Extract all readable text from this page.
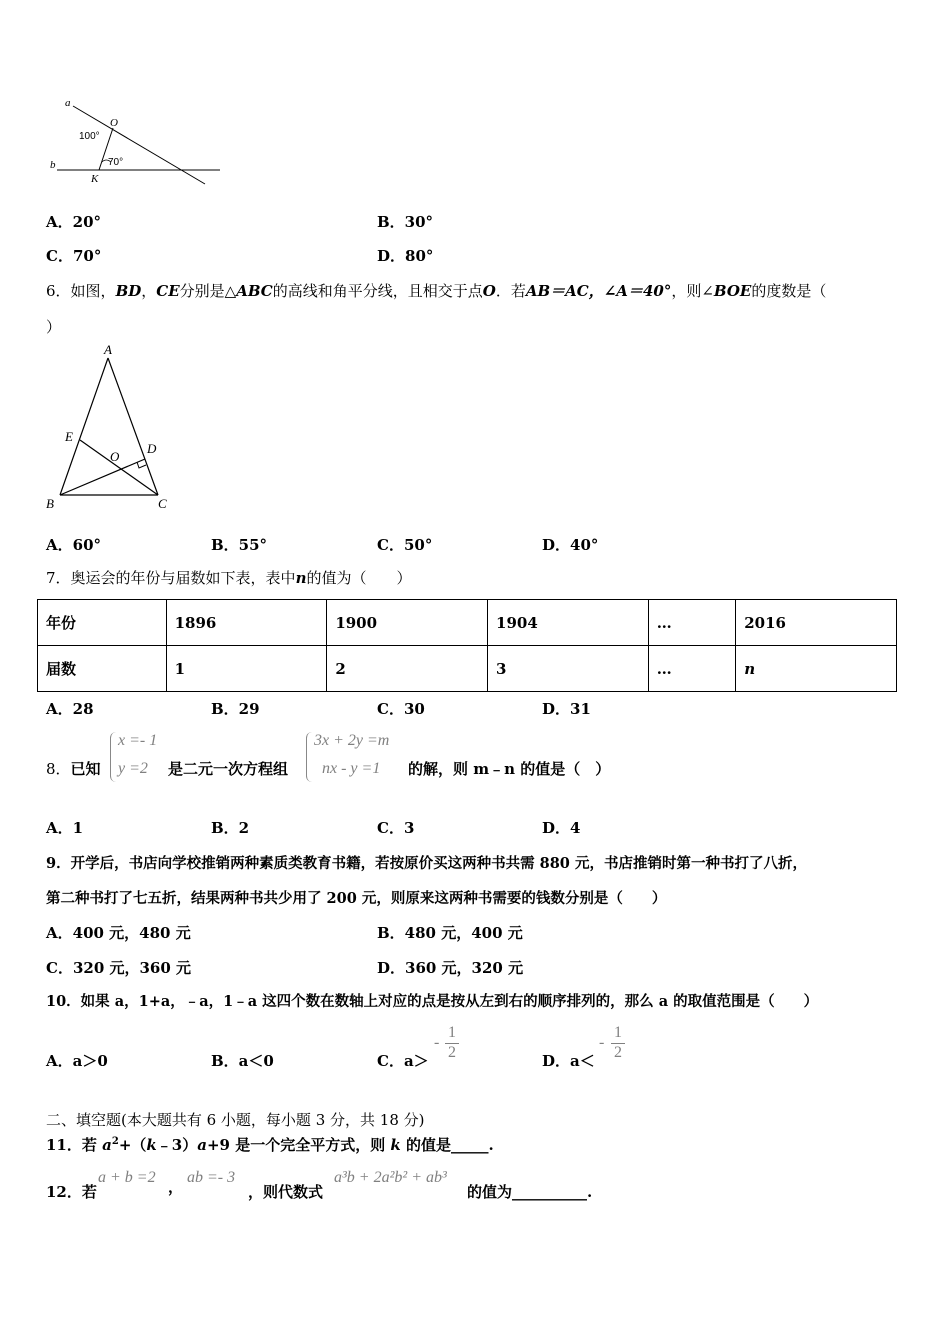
a
b
O
K
100°
70°
A．20°	B．30°
C．70°	D．80°
6．如图，BD，CE分别是△ABC的高线和角平分线，且相交于点O．若AB＝AC，∠A＝40°，则∠BOE的度数是（
）
A
B	C
D
E
O
A．60°	B．55°	C．50°	D．40°
7．奥运会的年份与届数如下表，表中n的值为（　　）
年份	1896	1900	1904	…	2016
届数	1	2	3	…	n
A．28	B．29	C．30	D．31
8．已知
x =- 1
y =2 是二元一次方程组
3x + 2y =m
nx - y =1 的解，则 m﹣n 的值是（　）
A．1	B．2	C．3	D．4
9．开学后，书店向学校推销两种素质类教育书籍，若按原价买这两种书共需 880 元，书店推销时第一种书打了八折，
第二种书打了七五折，结果两种书共少用了 200 元，则原来这两种书需要的钱数分别是（　　）
A．400 元，480 元	B．480 元，400 元
C．320 元，360 元	D．360 元，320 元
10．如果 a，1+a，﹣a，1﹣a 这四个数在数轴上对应的点是按从左到右的顺序排列的，那么 a 的取值范围是（　　）
A．a＞0	B．a＜0	C．a＞
- $\frac{1}{2}$	D．a＜
- $\frac{1}{2}$
二、填空题(本大题共有 6 小题，每小题 3 分，共 18 分)
11．若 $a^2+(k﹣3)a+9$ 是一个完全平方式，则 k 的值是_____.
12．若
a + b =2
，
ab =- 3
，则代数式
a³b + 2a²b² + ab³
的值为__________.
